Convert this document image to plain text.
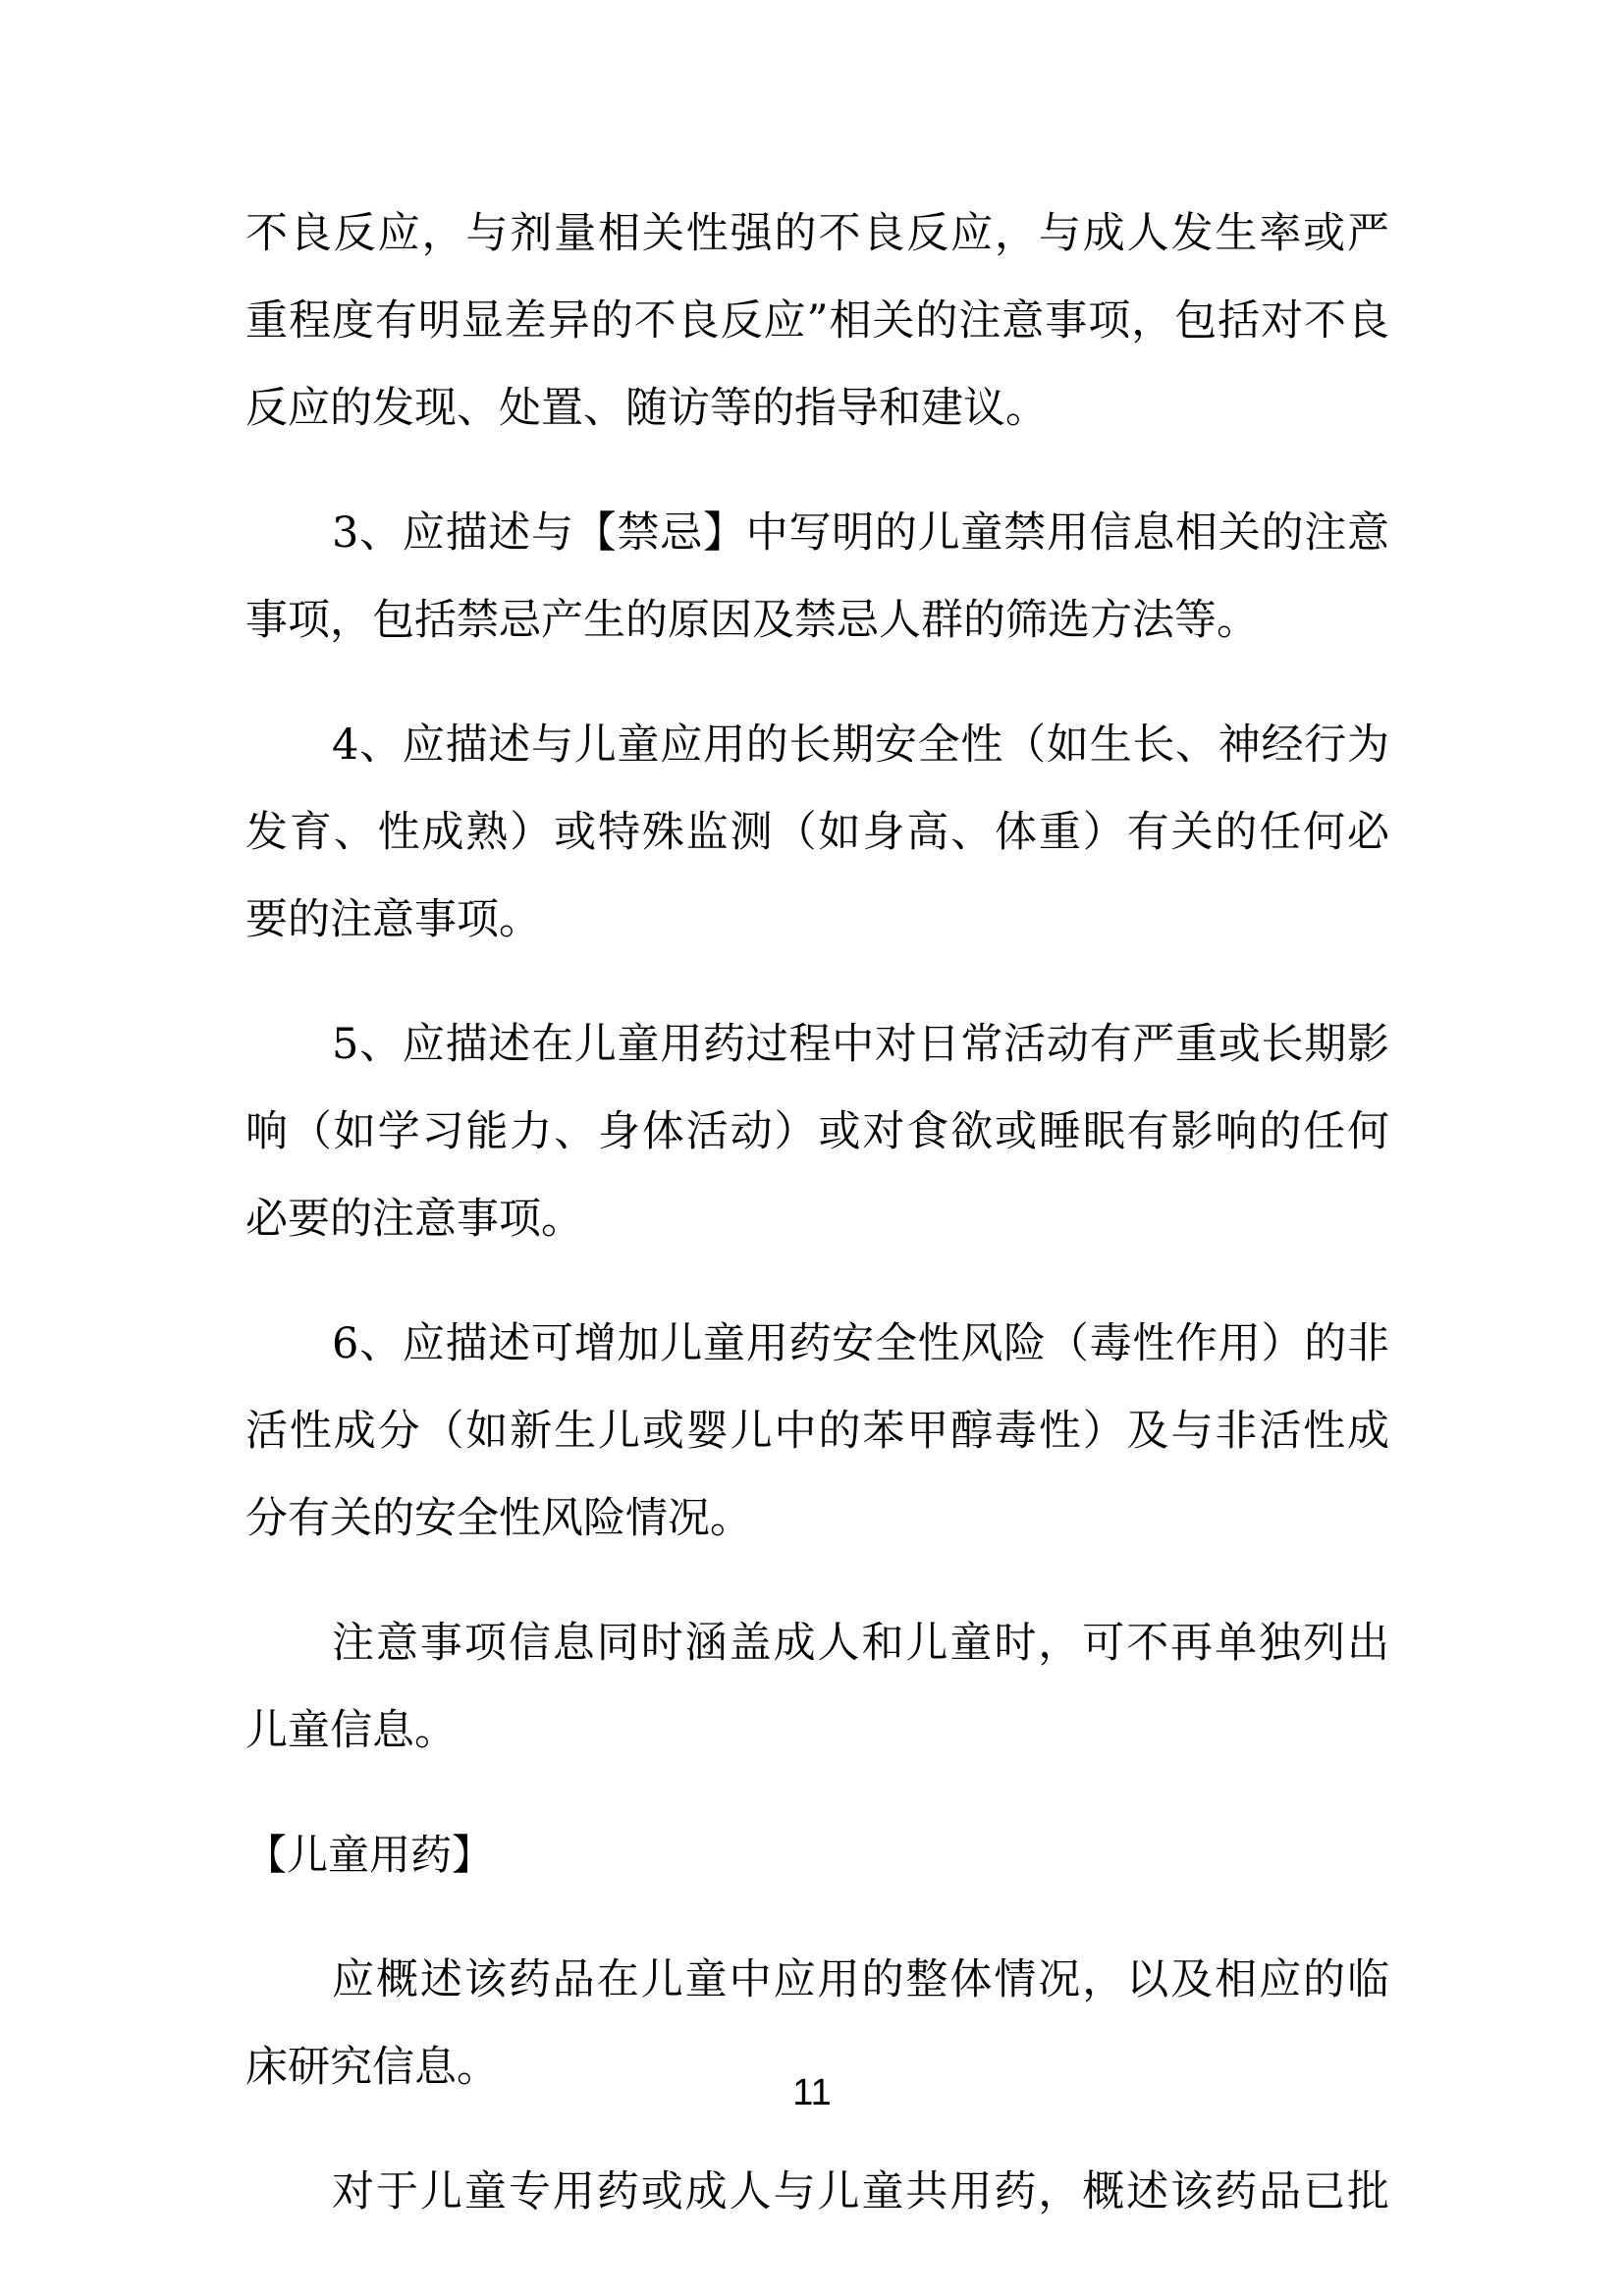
不良反应，与剂量相关性强的不良反应，与成人发生率或严
重程度有明显差异的不良反应”相关的注意事项，包括对不良
反应的发现、处置、随访等的指导和建议。
3、应描述与【禁忌】中写明的儿童禁用信息相关的注意
事项，包括禁忌产生的原因及禁忌人群的筛选方法等。
4、应描述与儿童应用的长期安全性（如生长、神经行为
发育、性成熟）或特殊监测（如身高、体重）有关的任何必
要的注意事项。
5、应描述在儿童用药过程中对日常活动有严重或长期影
响（如学习能力、身体活动）或对食欲或睡眠有影响的任何
必要的注意事项。
6、应描述可增加儿童用药安全性风险（毒性作用）的非
活性成分（如新生儿或婴儿中的苯甲醇毒性）及与非活性成
分有关的安全性风险情况。
注意事项信息同时涵盖成人和儿童时，可不再单独列出
儿童信息。
【儿童用药】
应概述该药品在儿童中应用的整体情况，以及相应的临
床研究信息。
对于儿童专用药或成人与儿童共用药，概述该药品已批
11
